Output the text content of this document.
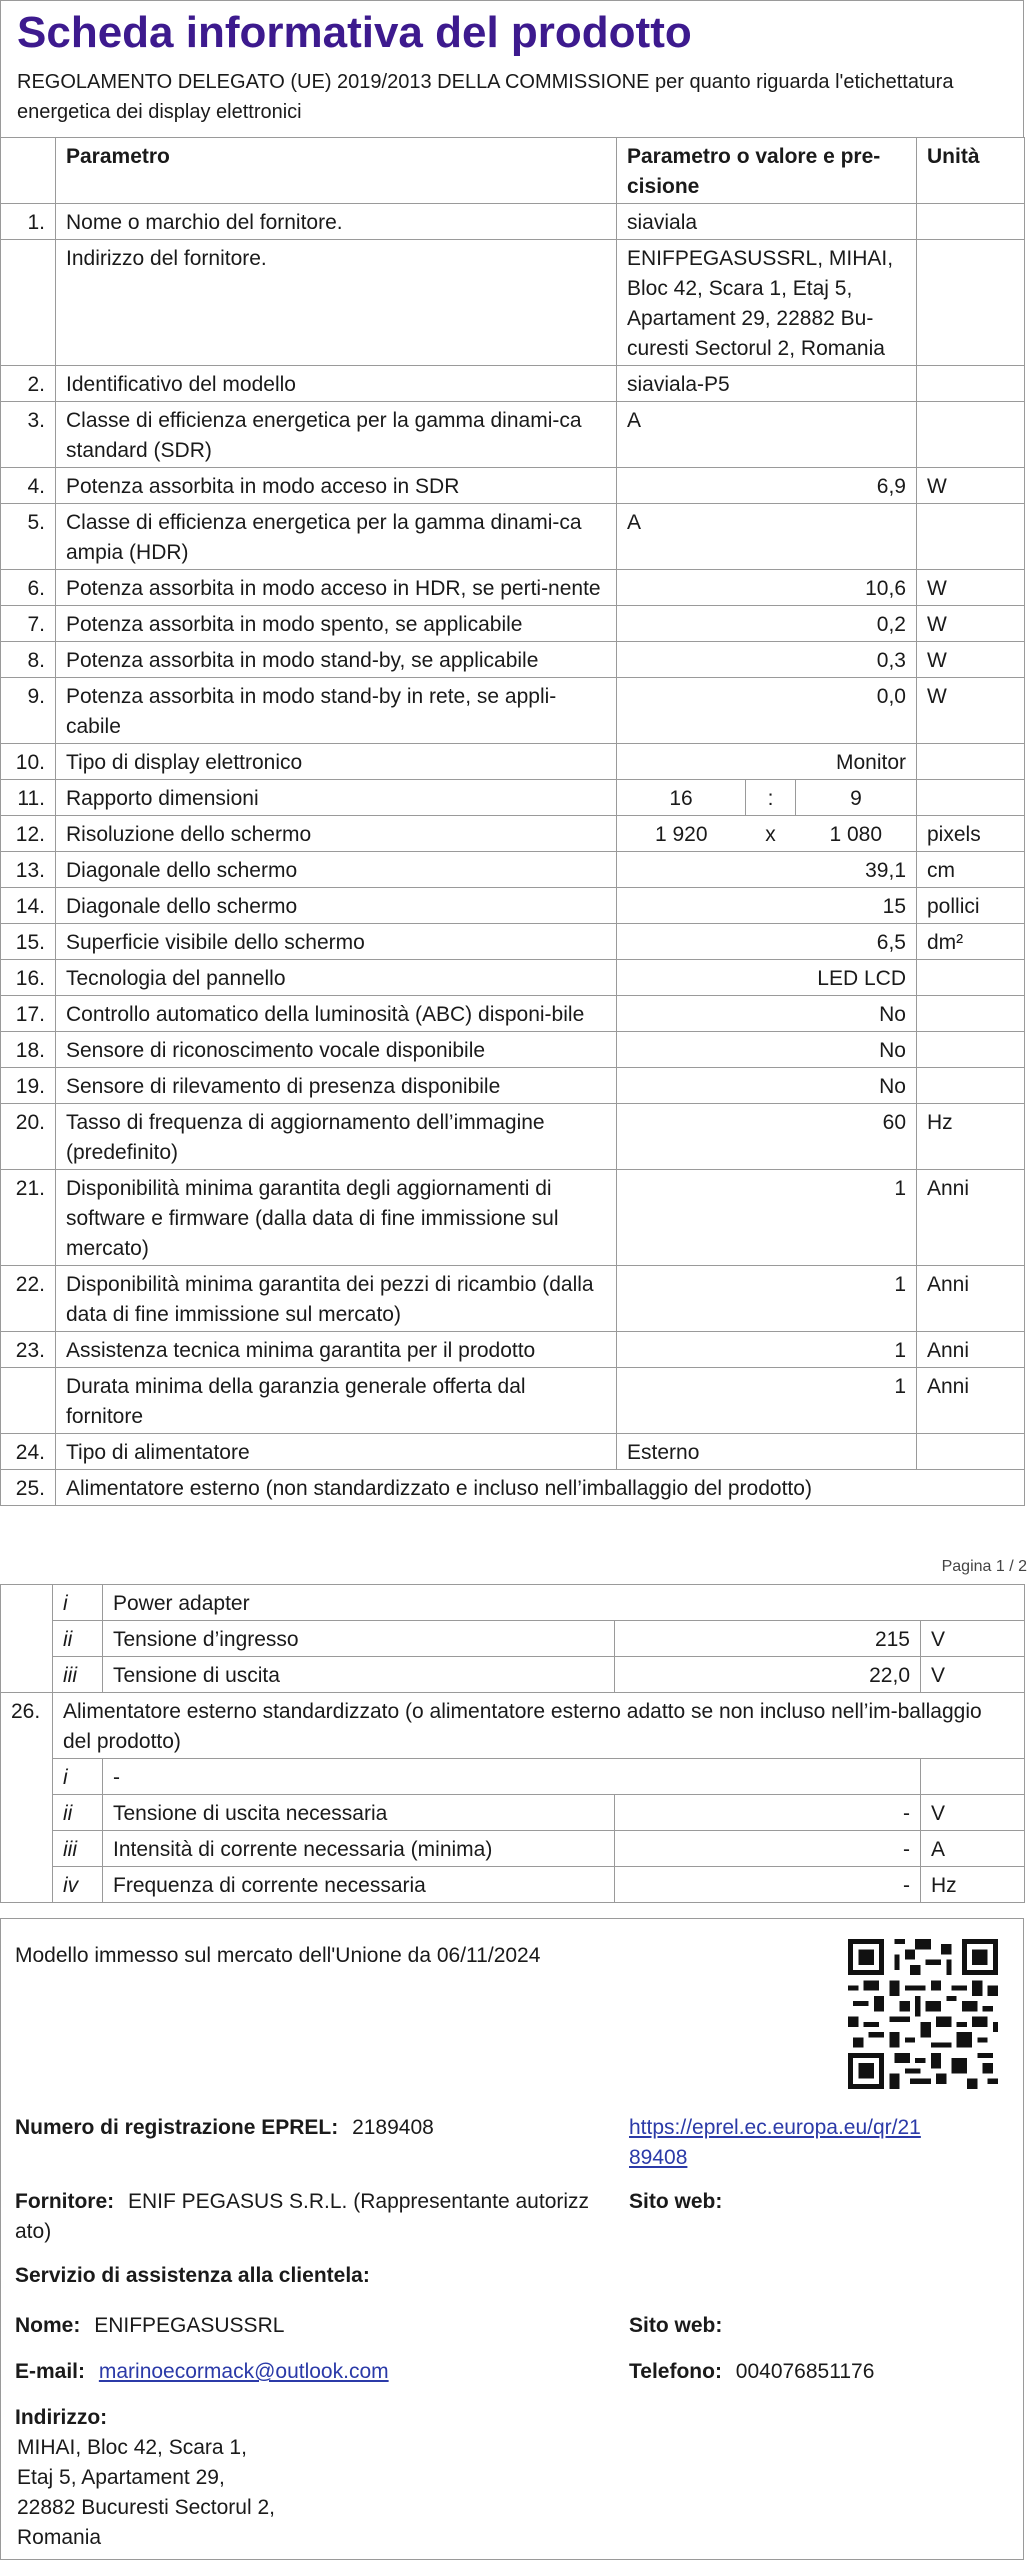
Scheda informativa del prodotto
REGOLAMENTO DELEGATO (UE) 2019/2013 DELLA COMMISSIONE per quanto riguarda l'etichettatura energetica dei display elettronici
	Parametro	Parametro o valore e pre-cisione			Unità
1.	Nome o marchio del fornitore.	siaviala			
	Indirizzo del fornitore.	ENIFPEGASUSSRL, MIHAI, Bloc 42, Scara 1, Etaj 5, Apartament 29, 22882 Bu-curesti Sectorul 2, Romania			
2.	Identificativo del modello	siaviala-P5			
3.	Classe di efficienza energetica per la gamma dinami-ca standard (SDR)	A			
4.	Potenza assorbita in modo acceso in SDR	6,9			W
5.	Classe di efficienza energetica per la gamma dinami-ca ampia (HDR)	A			
6.	Potenza assorbita in modo acceso in HDR, se perti-nente	10,6			W
7.	Potenza assorbita in modo spento, se applicabile	0,2			W
8.	Potenza assorbita in modo stand-by, se applicabile	0,3			W
9.	Potenza assorbita in modo stand-by in rete, se appli-cabile	0,0			W
10.	Tipo di display elettronico	Monitor			
11.	Rapporto dimensioni	16	:	9	
12.	Risoluzione dello schermo	1 920	x	1 080	pixels
13.	Diagonale dello schermo	39,1			cm
14.	Diagonale dello schermo	15			pollici
15.	Superficie visibile dello schermo	6,5			dm²
16.	Tecnologia del pannello	LED LCD			
17.	Controllo automatico della luminosità (ABC) disponi-bile	No			
18.	Sensore di riconoscimento vocale disponibile	No			
19.	Sensore di rilevamento di presenza disponibile	No			
20.	Tasso di frequenza di aggiornamento dell’immagine (predefinito)	60			Hz
21.	Disponibilità minima garantita degli aggiornamenti di software e firmware (dalla data di fine immissione sul mercato)	1			Anni
22.	Disponibilità minima garantita dei pezzi di ricambio (dalla data di fine immissione sul mercato)	1			Anni
23.	Assistenza tecnica minima garantita per il prodotto	1			Anni
	Durata minima della garanzia generale offerta dal fornitore	1			Anni
24.	Tipo di alimentatore	Esterno			
25.	Alimentatore esterno (non standardizzato e incluso nell’imballaggio del prodotto)				
Pagina 1 / 2
	i	Power adapter		
	ii	Tensione d’ingresso	215	V
	iii	Tensione di uscita	22,0	V
26.	Alimentatore esterno standardizzato (o alimentatore esterno adatto se non incluso nell’im-ballaggio del prodotto)			
	i	-		
	ii	Tensione di uscita necessaria	-	V
	iii	Intensità di corrente necessaria (minima)	-	A
	iv	Frequenza di corrente necessaria	-	Hz
Modello immesso sul mercato dell'Unione da 06/11/2024
Numero di registrazione EPREL: 2189408	https://eprel.ec.europa.eu/qr/21
89408
Fornitore: ENIF PEGASUS S.R.L. (Rappresentante autorizz
ato)
Sito web:
Servizio di assistenza alla clientela:
Nome: ENIFPEGASUSSRL	Sito web:
E-mail: marinoecormack@outlook.com	Telefono: 004076851176
Indirizzo:
MIHAI, Bloc 42, Scara 1,
Etaj 5, Apartament 29,
22882 Bucuresti Sectorul 2,
Romania
